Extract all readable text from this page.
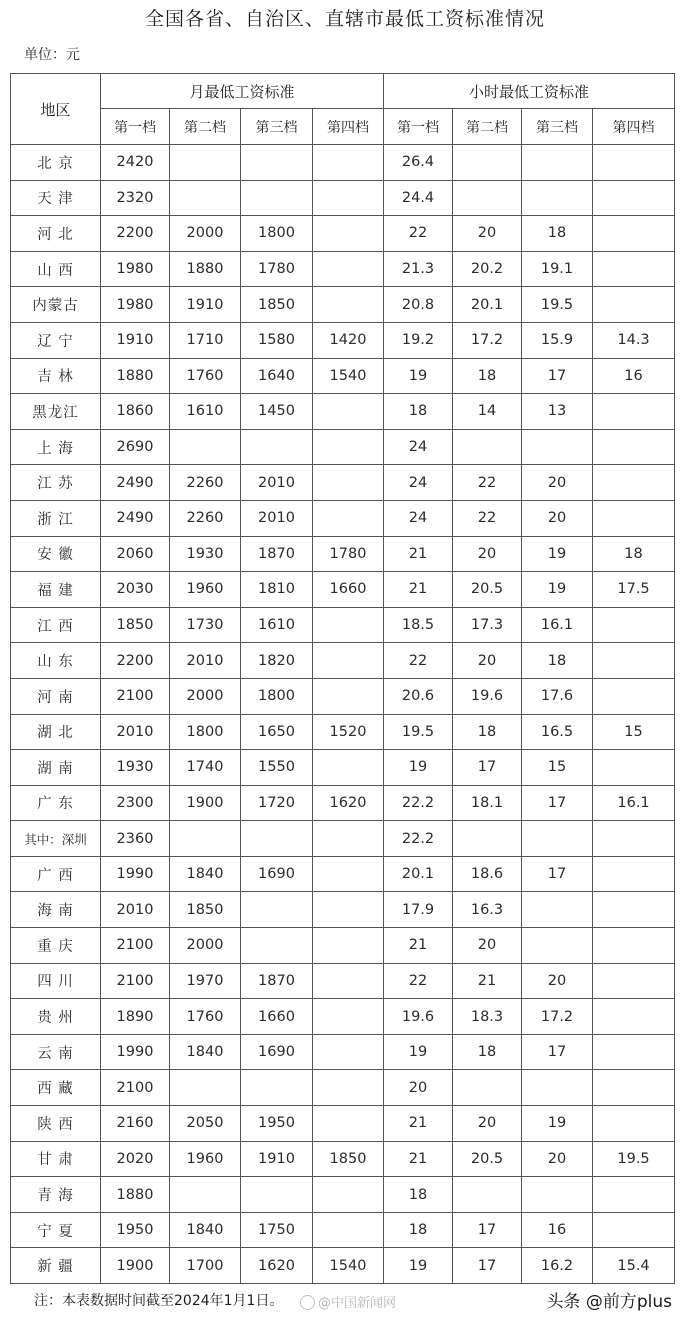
全国各省、自治区、直辖市最低工资标准情况
单位：元
地区	月最低工资标准				小时最低工资标准			
	第一档	第二档	第三档	第四档	第一档	第二档	第三档	第四档
北 京	2420				26.4			
天 津	2320				24.4			
河 北	2200	2000	1800		22	20	18	
山 西	1980	1880	1780		21.3	20.2	19.1	
内蒙古	1980	1910	1850		20.8	20.1	19.5	
辽 宁	1910	1710	1580	1420	19.2	17.2	15.9	14.3
吉 林	1880	1760	1640	1540	19	18	17	16
黑龙江	1860	1610	1450		18	14	13	
上 海	2690				24			
江 苏	2490	2260	2010		24	22	20	
浙 江	2490	2260	2010		24	22	20	
安 徽	2060	1930	1870	1780	21	20	19	18
福 建	2030	1960	1810	1660	21	20.5	19	17.5
江 西	1850	1730	1610		18.5	17.3	16.1	
山 东	2200	2010	1820		22	20	18	
河 南	2100	2000	1800		20.6	19.6	17.6	
湖 北	2010	1800	1650	1520	19.5	18	16.5	15
湖 南	1930	1740	1550		19	17	15	
广 东	2300	1900	1720	1620	22.2	18.1	17	16.1
其中：深圳	2360				22.2			
广 西	1990	1840	1690		20.1	18.6	17	
海 南	2010	1850			17.9	16.3		
重 庆	2100	2000			21	20		
四 川	2100	1970	1870		22	21	20	
贵 州	1890	1760	1660		19.6	18.3	17.2	
云 南	1990	1840	1690		19	18	17	
西 藏	2100				20			
陕 西	2160	2050	1950		21	20	19	
甘 肃	2020	1960	1910	1850	21	20.5	20	19.5
青 海	1880				18			
宁 夏	1950	1840	1750		18	17	16	
新 疆	1900	1700	1620	1540	19	17	16.2	15.4
注：本表数据时间截至2024年1月1日。	@中国新闻网	头条 @前方plus
